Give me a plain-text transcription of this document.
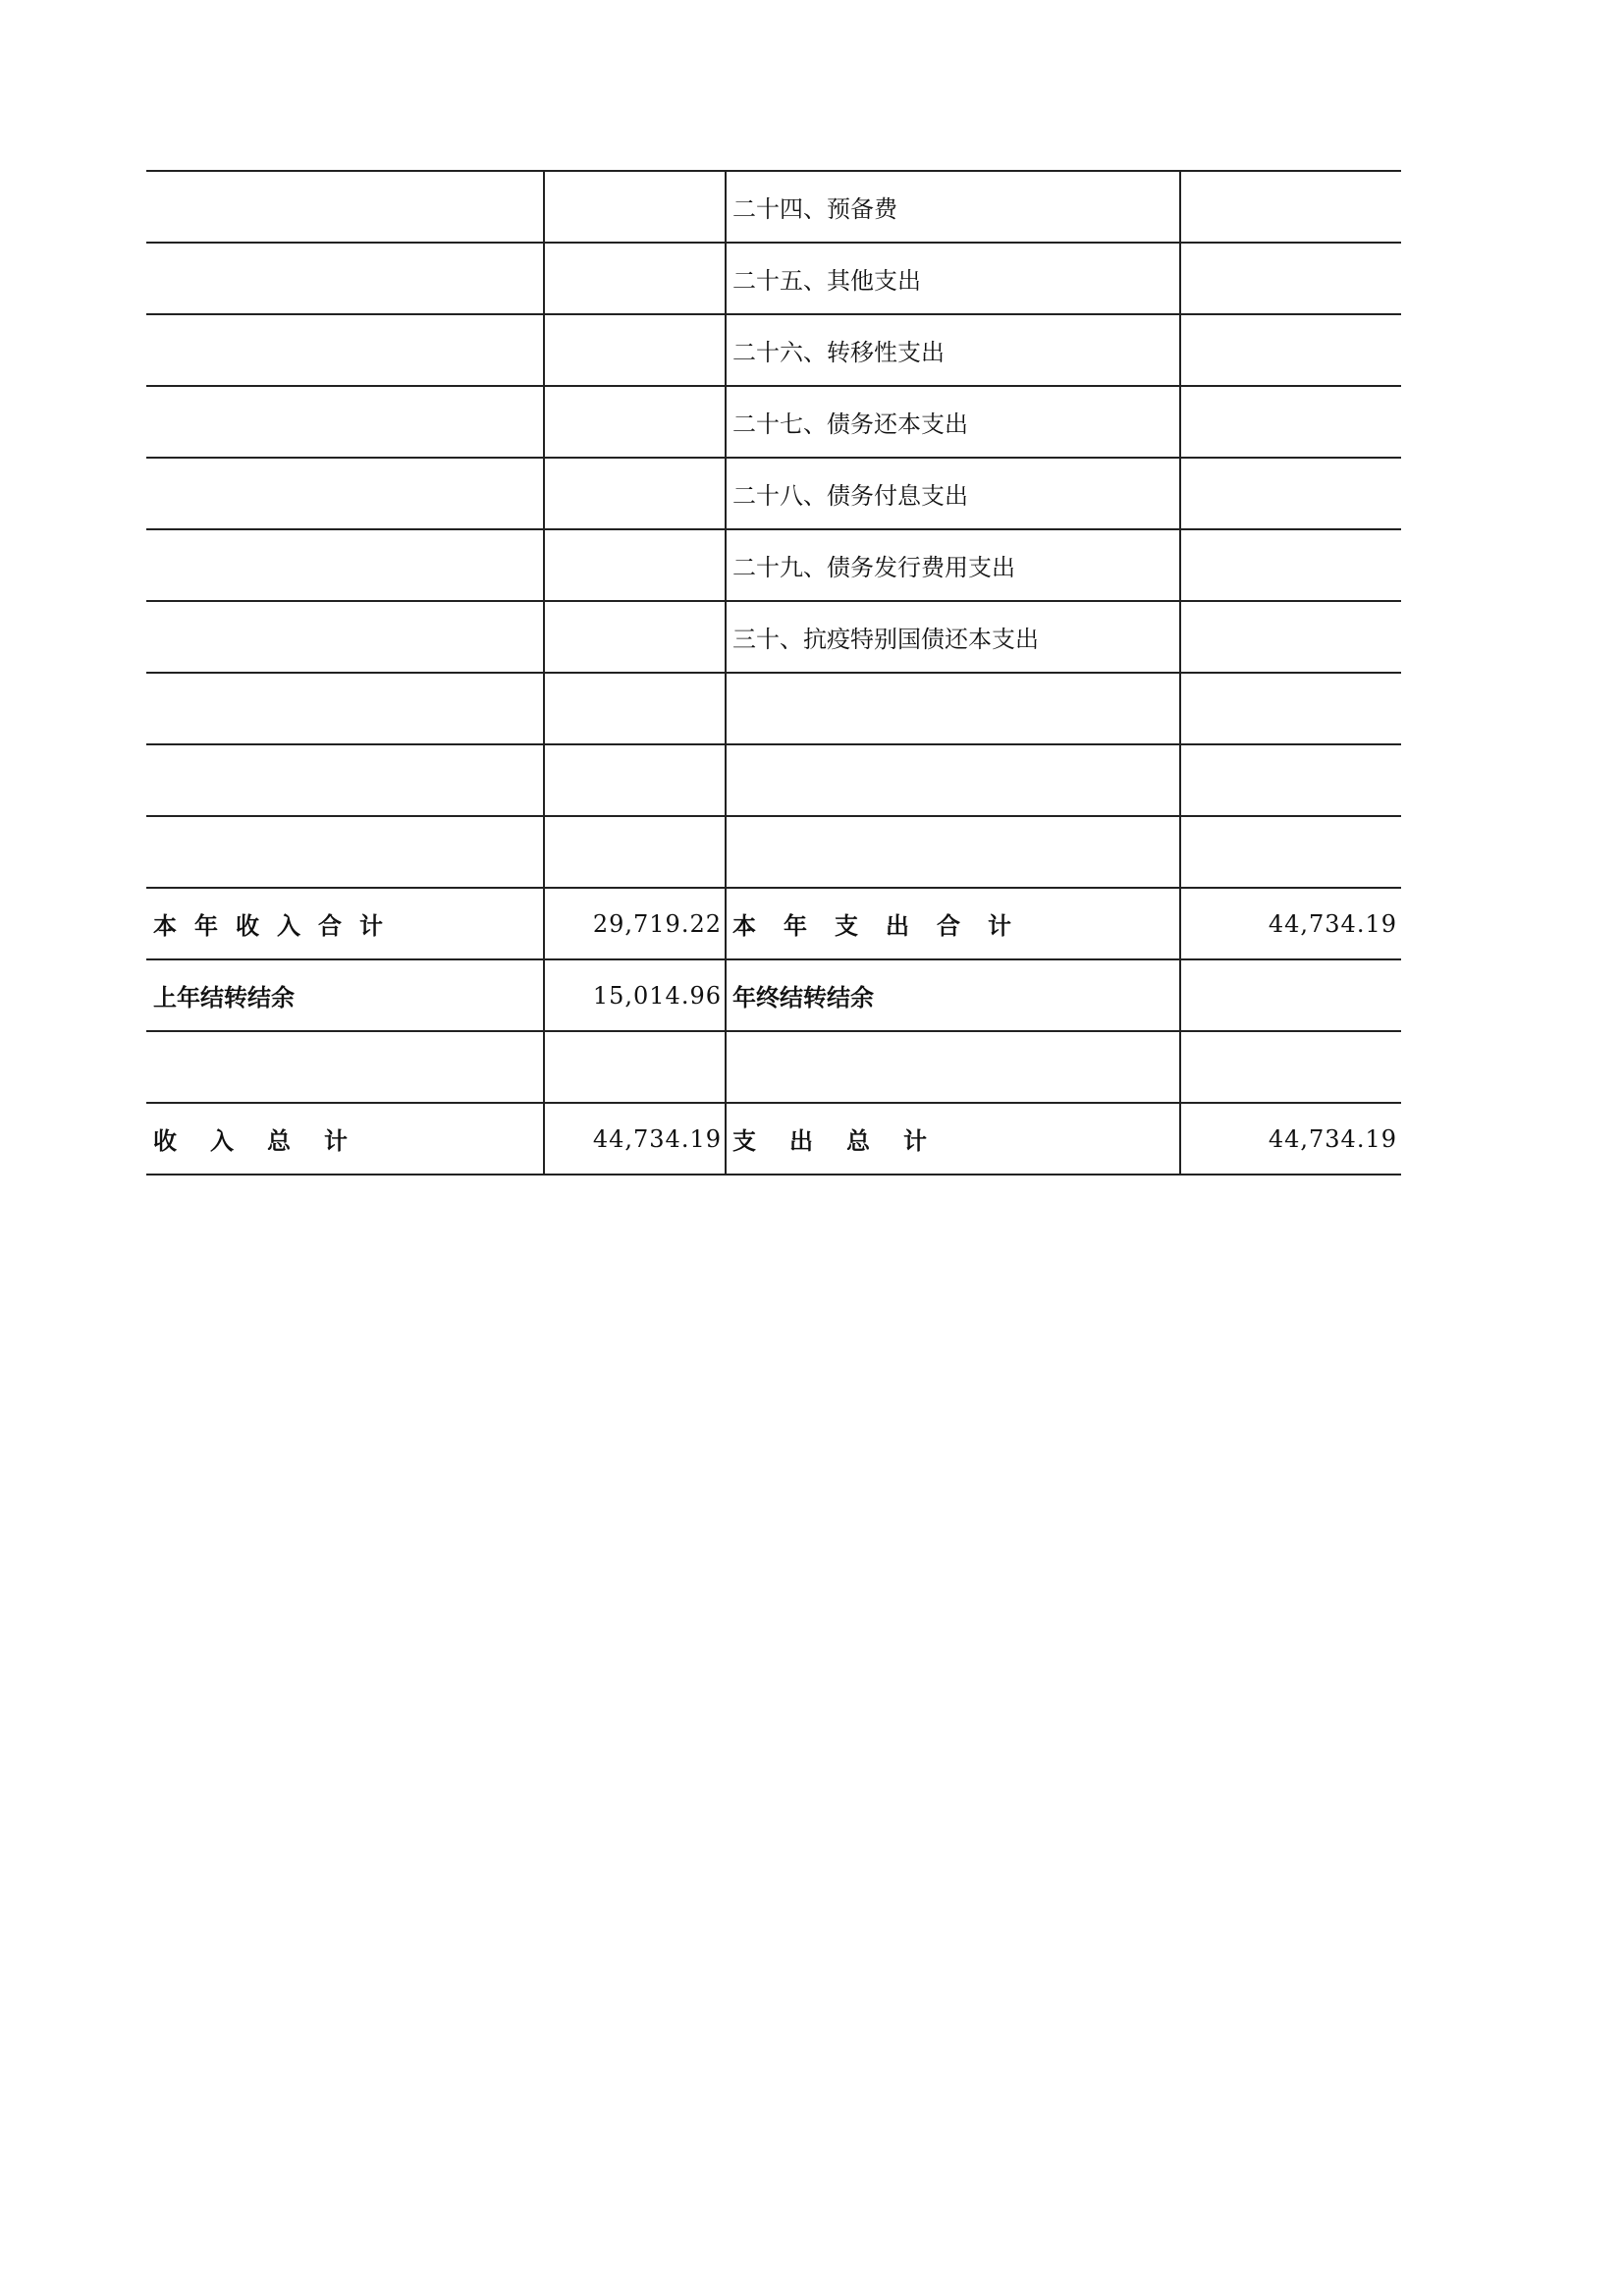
		二十四、预备费	
		二十五、其他支出	
		二十六、转移性支出	
		二十七、债务还本支出	
		二十八、债务付息支出	
		二十九、债务发行费用支出	
		三十、抗疫特别国债还本支出	

本年收入合计	29,719.22	本年支出合计	44,734.19
上年结转结余	15,014.96	年终结转结余	

收入总计	44,734.19	支出总计	44,734.19
